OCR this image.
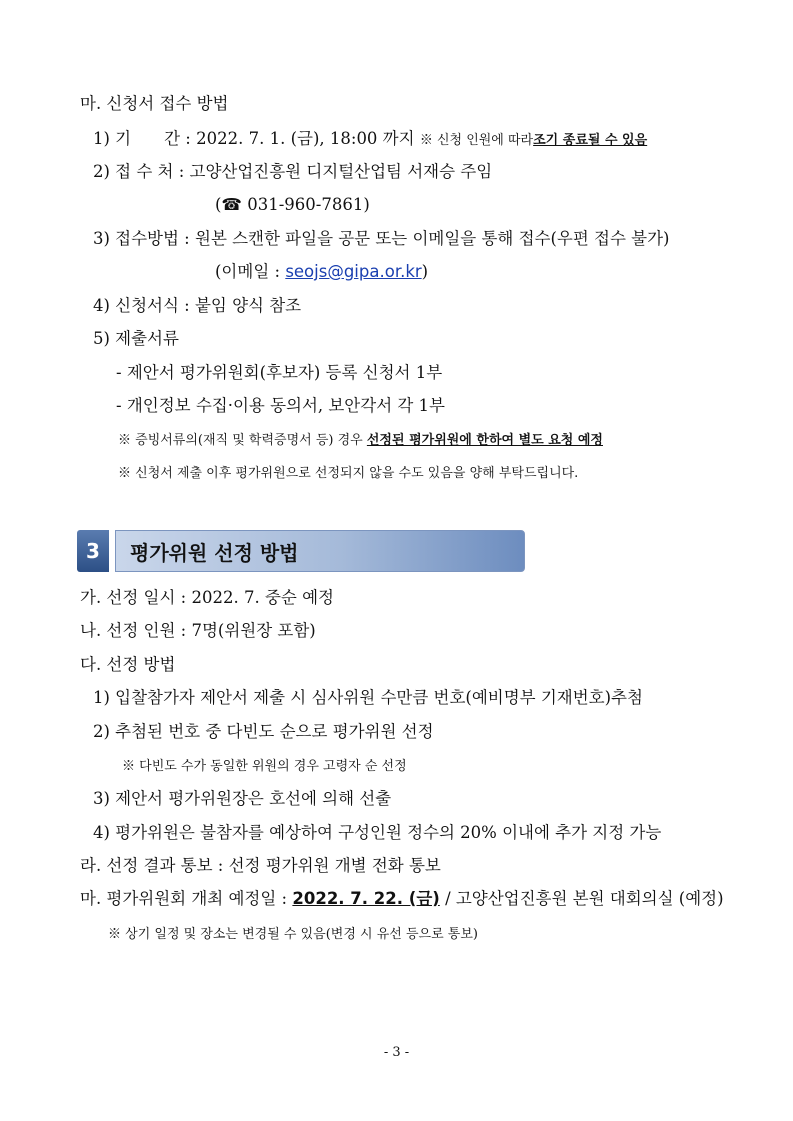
마. 신청서 접수 방법
1) 기　　간 : 2022. 7. 1. (금), 18:00 까지 ※ 신청 인원에 따라조기 종료될 수 있음
2) 접 수 처 : 고양산업진흥원 디지털산업팀 서재승 주임
(☎ 031-960-7861)
3) 접수방법 : 원본 스캔한 파일을 공문 또는 이메일을 통해 접수(우편 접수 불가)
(이메일 : seojs@gipa.or.kr)
4) 신청서식 : 붙임 양식 참조
5) 제출서류
- 제안서 평가위원회(후보자) 등록 신청서 1부
- 개인정보 수집·이용 동의서, 보안각서 각 1부
※ 증빙서류의(재직 및 학력증명서 등) 경우 선정된 평가위원에 한하여 별도 요청 예정
※ 신청서 제출 이후 평가위원으로 선정되지 않을 수도 있음을 양해 부탁드립니다.
3	평가위원 선정 방법
가. 선정 일시 : 2022. 7. 중순 예정
나. 선정 인원 : 7명(위원장 포함)
다. 선정 방법
1) 입찰참가자 제안서 제출 시 심사위원 수만큼 번호(예비명부 기재번호)추첨
2) 추첨된 번호 중 다빈도 순으로 평가위원 선정
※ 다빈도 수가 동일한 위원의 경우 고령자 순 선정
3) 제안서 평가위원장은 호선에 의해 선출
4) 평가위원은 불참자를 예상하여 구성인원 정수의 20% 이내에 추가 지정 가능
라. 선정 결과 통보 : 선정 평가위원 개별 전화 통보
마. 평가위원회 개최 예정일 : 2022. 7. 22. (금) / 고양산업진흥원 본원 대회의실 (예정)
※ 상기 일정 및 장소는 변경될 수 있음(변경 시 유선 등으로 통보)
- 3 -
